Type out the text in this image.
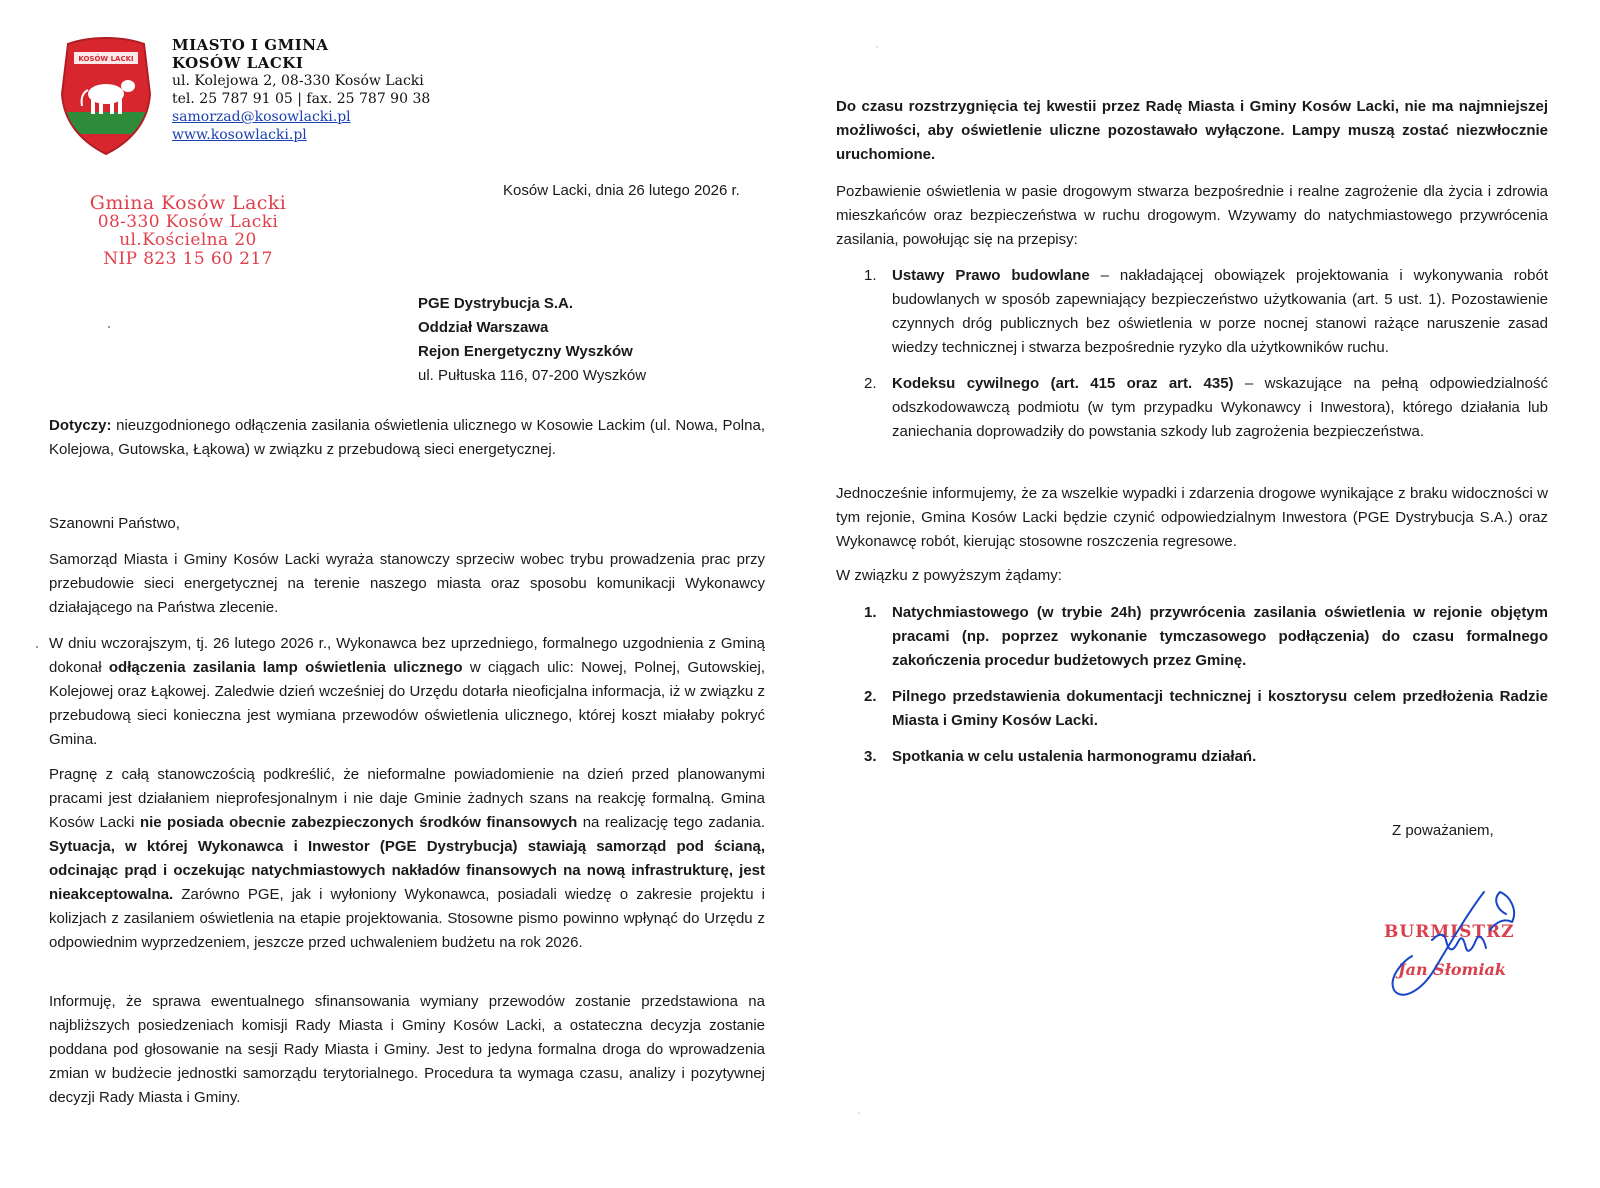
KOSÓW LACKI
MIASTO I GMINA
KOSÓW LACKI
ul. Kolejowa 2, 08-330 Kosów Lacki
tel. 25 787 91 05 | fax. 25 787 90 38
samorzad@kosowlacki.pl
www.kosowlacki.pl
Gmina Kosów Lacki
08-330 Kosów Lacki
ul.Kościelna 20
NIP 823 15 60 217
Kosów Lacki, dnia 26 lutego 2026 r.
PGE Dystrybucja S.A.
Oddział Warszawa
Rejon Energetyczny Wyszków
ul. Pułtuska 116, 07-200 Wyszków

Dotyczy: nieuzgodnionego odłączenia zasilania oświetlenia ulicznego w Kosowie Lackim (ul. Nowa, Polna, Kolejowa, Gutowska, Łąkowa) w związku z przebudową sieci energetycznej.

Szanowni Państwo,
Samorząd Miasta i Gminy Kosów Lacki wyraża stanowczy sprzeciw wobec trybu prowadzenia prac przy przebudowie sieci energetycznej na terenie naszego miasta oraz sposobu komunikacji Wykonawcy działającego na Państwa zlecenie.

W dniu wczorajszym, tj. 26 lutego 2026 r., Wykonawca bez uprzedniego, formalnego uzgodnienia z Gminą dokonał odłączenia zasilania lamp oświetlenia ulicznego w ciągach ulic: Nowej, Polnej, Gutowskiej, Kolejowej oraz Łąkowej. Zaledwie dzień wcześniej do Urzędu dotarła nieoficjalna informacja, iż w związku z przebudową sieci konieczna jest wymiana przewodów oświetlenia ulicznego, której koszt miałaby pokryć Gmina.

Pragnę z całą stanowczością podkreślić, że nieformalne powiadomienie na dzień przed planowanymi pracami jest działaniem nieprofesjonalnym i nie daje Gminie żadnych szans na reakcję formalną. Gmina Kosów Lacki nie posiada obecnie zabezpieczonych środków finansowych na realizację tego zadania. Sytuacja, w której Wykonawca i Inwestor (PGE Dystrybucja) stawiają samorząd pod ścianą, odcinając prąd i oczekując natychmiastowych nakładów finansowych na nową infrastrukturę, jest nieakceptowalna. Zarówno PGE, jak i wyłoniony Wykonawca, posiadali wiedzę o zakresie projektu i kolizjach z zasilaniem oświetlenia na etapie projektowania. Stosowne pismo powinno wpłynąć do Urzędu z odpowiednim wyprzedzeniem, jeszcze przed uchwaleniem budżetu na rok 2026.

Informuję, że sprawa ewentualnego sfinansowania wymiany przewodów zostanie przedstawiona na najbliższych posiedzeniach komisji Rady Miasta i Gminy Kosów Lacki, a ostateczna decyzja zostanie poddana pod głosowanie na sesji Rady Miasta i Gminy. Jest to jedyna formalna droga do wprowadzenia zmian w budżecie jednostki samorządu terytorialnego. Procedura ta wymaga czasu, analizy i pozytywnej decyzji Rady Miasta i Gminy.
Do czasu rozstrzygnięcia tej kwestii przez Radę Miasta i Gminy Kosów Lacki, nie ma najmniejszej możliwości, aby oświetlenie uliczne pozostawało wyłączone. Lampy muszą zostać niezwłocznie uruchomione.
Pozbawienie oświetlenia w pasie drogowym stwarza bezpośrednie i realne zagrożenie dla życia i zdrowia mieszkańców oraz bezpieczeństwa w ruchu drogowym. Wzywamy do natychmiastowego przywrócenia zasilania, powołując się na przepisy:
1. Ustawy Prawo budowlane – nakładającej obowiązek projektowania i wykonywania robót budowlanych w sposób zapewniający bezpieczeństwo użytkowania (art. 5 ust. 1). Pozostawienie czynnych dróg publicznych bez oświetlenia w porze nocnej stanowi rażące naruszenie zasad wiedzy technicznej i stwarza bezpośrednie ryzyko dla użytkowników ruchu.
2. Kodeksu cywilnego (art. 415 oraz art. 435) – wskazujące na pełną odpowiedzialność odszkodowawczą podmiotu (w tym przypadku Wykonawcy i Inwestora), którego działania lub zaniechania doprowadziły do powstania szkody lub zagrożenia bezpieczeństwa.
Jednocześnie informujemy, że za wszelkie wypadki i zdarzenia drogowe wynikające z braku widoczności w tym rejonie, Gmina Kosów Lacki będzie czynić odpowiedzialnym Inwestora (PGE Dystrybucja S.A.) oraz Wykonawcę robót, kierując stosowne roszczenia regresowe.
W związku z powyższym żądamy:
1. Natychmiastowego (w trybie 24h) przywrócenia zasilania oświetlenia w rejonie objętym pracami (np. poprzez wykonanie tymczasowego podłączenia) do czasu formalnego zakończenia procedur budżetowych przez Gminę.
2. Pilnego przedstawienia dokumentacji technicznej i kosztorysu celem przedłożenia Radzie Miasta i Gminy Kosów Lacki.
3. Spotkania w celu ustalenia harmonogramu działań.
Z poważaniem,
BURMISTRZ
Jan Słomiak
